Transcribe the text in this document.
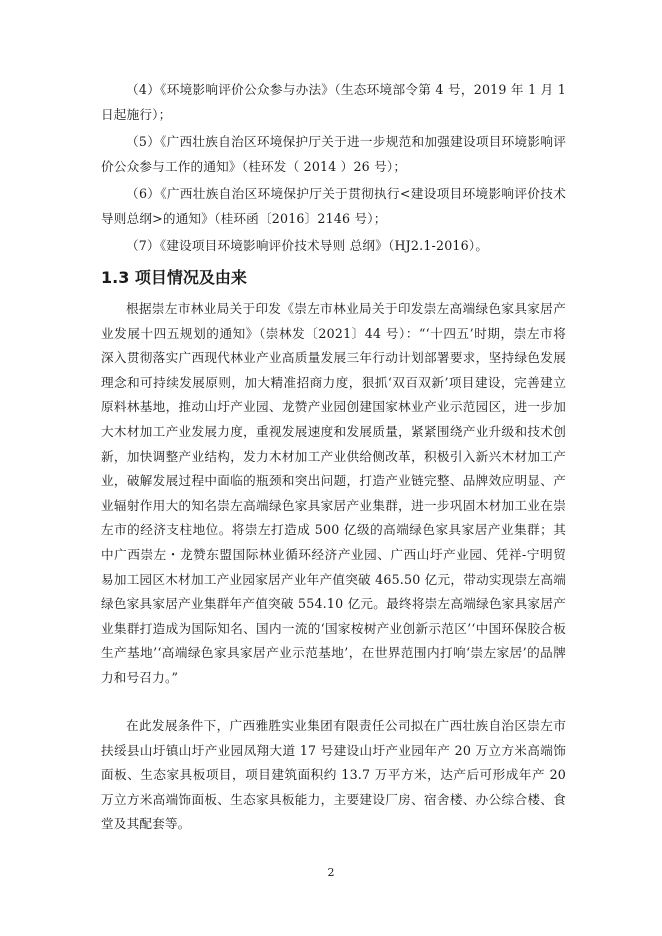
（4）《环境影响评价公众参与办法》（生态环境部令第 4 号，2019 年 1 月 1 日起施行）；

（5）《广西壮族自治区环境保护厅关于进一步规范和加强建设项目环境影响评价公众参与工作的通知》（桂环发（ 2014 ）26 号）；

（6）《广西壮族自治区环境保护厅关于贯彻执行<建设项目环境影响评价技术导则总纲>的通知》（桂环函〔2016〕2146 号）；

（7）《建设项目环境影响评价技术导则 总纲》（HJ2.1-2016）。

1.3 项目情况及由来

根据崇左市林业局关于印发《崇左市林业局关于印发崇左高端绿色家具家居产业发展十四五规划的通知》（崇林发〔2021〕44 号）：“‘十四五’时期，崇左市将深入贯彻落实广西现代林业产业高质量发展三年行动计划部署要求，坚持绿色发展理念和可持续发展原则，加大精准招商力度，狠抓‘双百双新’项目建设，完善建立原料林基地，推动山圩产业园、龙赞产业园创建国家林业产业示范园区，进一步加大木材加工产业发展力度，重视发展速度和发展质量，紧紧围绕产业升级和技术创新，加快调整产业结构，发力木材加工产业供给侧改革，积极引入新兴木材加工产业，破解发展过程中面临的瓶颈和突出问题，打造产业链完整、品牌效应明显、产业辐射作用大的知名崇左高端绿色家具家居产业集群，进一步巩固木材加工业在崇左市的经济支柱地位。将崇左打造成 500 亿级的高端绿色家具家居产业集群；其中广西崇左・龙赞东盟国际林业循环经济产业园、广西山圩产业园、凭祥-宁明贸易加工园区木材加工产业园家居产业年产值突破 465.50 亿元，带动实现崇左高端绿色家具家居产业集群年产值突破 554.10 亿元。最终将崇左高端绿色家具家居产业集群打造成为国际知名、国内一流的‘国家桉树产业创新示范区’‘中国环保胶合板生产基地’‘高端绿色家具家居产业示范基地’，在世界范围内打响‘崇左家居’的品牌力和号召力。”

在此发展条件下，广西雅胜实业集团有限责任公司拟在广西壮族自治区崇左市扶绥县山圩镇山圩产业园凤翔大道 17 号建设山圩产业园年产 20 万立方米高端饰面板、生态家具板项目，项目建筑面积约 13.7 万平方米，达产后可形成年产 20 万立方米高端饰面板、生态家具板能力，主要建设厂房、宿舍楼、办公综合楼、食堂及其配套等。

2
